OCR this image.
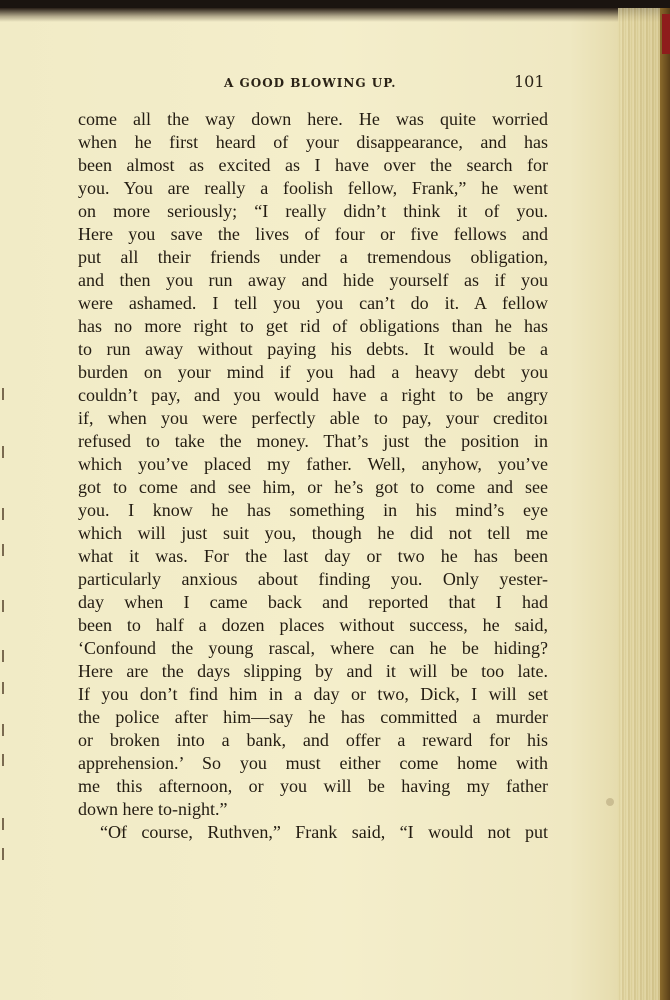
A GOOD BLOWING UP.	101
come all the way down here. He was quite worried
when he first heard of your disappearance, and has
been almost as excited as I have over the search for
you. You are really a foolish fellow, Frank,” he went
on more seriously; “I really didn’t think it of you.
Here you save the lives of four or five fellows and
put all their friends under a tremendous obligation,
and then you run away and hide yourself as if you
were ashamed. I tell you you can’t do it. A fellow
has no more right to get rid of obligations than he has
to run away without paying his debts. It would be a
burden on your mind if you had a heavy debt you
couldn’t pay, and you would have a right to be angry
if, when you were perfectly able to pay, your creditoı
refused to take the money. That’s just the position in
which you’ve placed my father. Well, anyhow, you’ve
got to come and see him, or he’s got to come and see
you. I know he has something in his mind’s eye
which will just suit you, though he did not tell me
what it was. For the last day or two he has been
particularly anxious about finding you. Only yester-
day when I came back and reported that I had
been to half a dozen places without success, he said,
‘Confound the young rascal, where can he be hiding?
Here are the days slipping by and it will be too late.
If you don’t find him in a day or two, Dick, I will set
the police after him—say he has committed a murder
or broken into a bank, and offer a reward for his
apprehension.’ So you must either come home with
me this afternoon, or you will be having my father
down here to-night.”
“Of course, Ruthven,” Frank said, “I would not put
